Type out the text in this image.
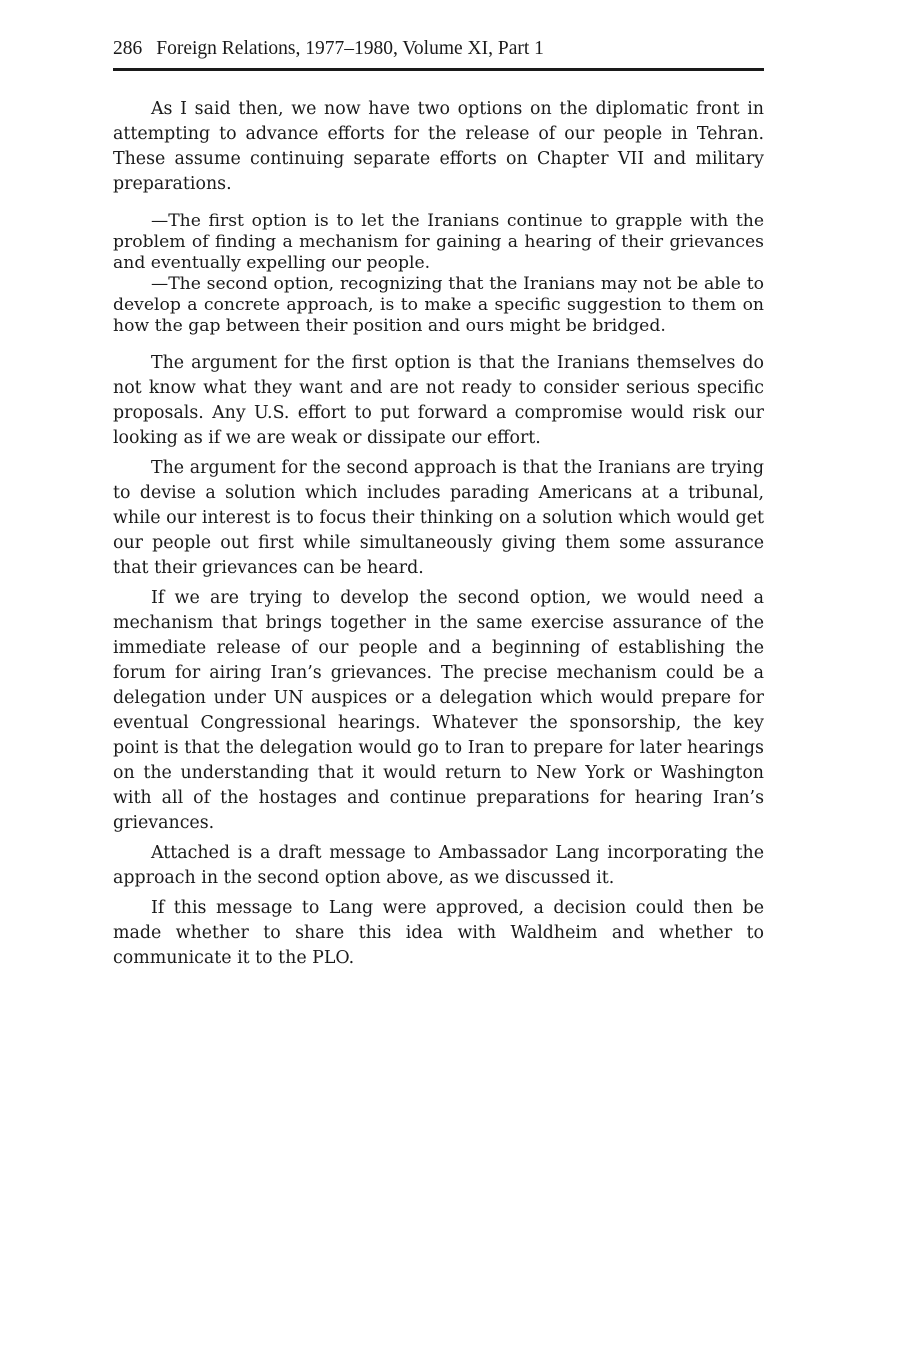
286 Foreign Relations, 1977–1980, Volume XI, Part 1

As I said then, we now have two options on the diplomatic front in attempting to advance efforts for the release of our people in Tehran. These assume continuing separate efforts on Chapter VII and military preparations.

—The first option is to let the Iranians continue to grapple with the problem of finding a mechanism for gaining a hearing of their grievances and eventually expelling our people.

—The second option, recognizing that the Iranians may not be able to develop a concrete approach, is to make a specific suggestion to them on how the gap between their position and ours might be bridged.

The argument for the first option is that the Iranians themselves do not know what they want and are not ready to consider serious specific proposals. Any U.S. effort to put forward a compromise would risk our looking as if we are weak or dissipate our effort.

The argument for the second approach is that the Iranians are trying to devise a solution which includes parading Americans at a tribunal, while our interest is to focus their thinking on a solution which would get our people out first while simultaneously giving them some assurance that their grievances can be heard.

If we are trying to develop the second option, we would need a mechanism that brings together in the same exercise assurance of the immediate release of our people and a beginning of establishing the forum for airing Iran’s grievances. The precise mechanism could be a delegation under UN auspices or a delegation which would prepare for eventual Congressional hearings. Whatever the sponsorship, the key point is that the delegation would go to Iran to prepare for later hearings on the understanding that it would return to New York or Washington with all of the hostages and continue preparations for hearing Iran’s grievances.

Attached is a draft message to Ambassador Lang incorporating the approach in the second option above, as we discussed it.

If this message to Lang were approved, a decision could then be made whether to share this idea with Waldheim and whether to communicate it to the PLO.
